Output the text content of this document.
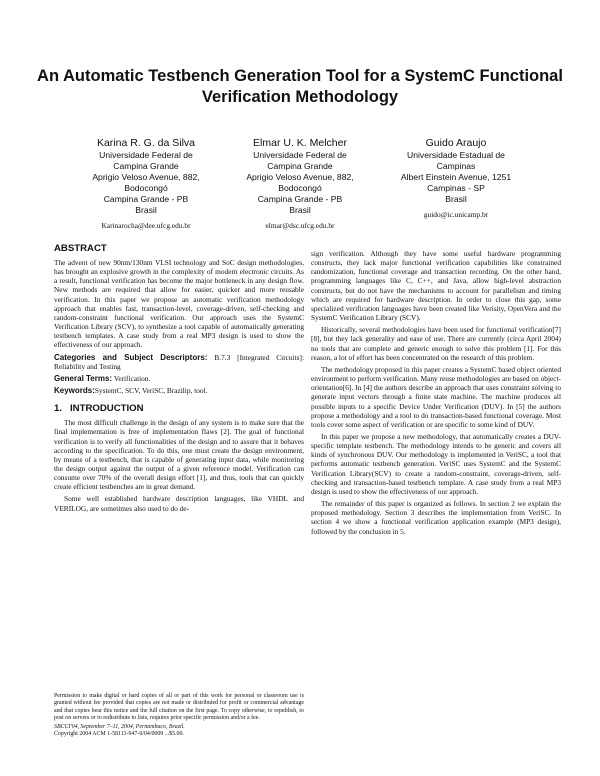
An Automatic Testbench Generation Tool for a SystemC Functional Verification Methodology
Karina R. G. da Silva
Universidade Federal de
Campina Grande
Aprigio Veloso Avenue, 882,
Bodocongó
Campina Grande - PB
Brasil
Karinarocha@dee.ufcg.edu.br
Elmar U. K. Melcher
Universidade Federal de
Campina Grande
Aprigio Veloso Avenue, 882,
Bodocongó
Campina Grande - PB
Brasil
elmar@dsc.ufcg.edu.br
Guido Araujo
Universidade Estadual de
Campinas
Albert Einstein Avenue, 1251
Campinas - SP
Brasil
guido@ic.unicamp.br
ABSTRACT

The advent of new 90nm/130nm VLSI technology and SoC design methodologies, has brought an explosive growth in the complexity of modern electronic circuits. As a result, functional verification has become the major bottleneck in any design flow. New methods are required that allow for easier, quicker and more reusable verification. In this paper we propose an automatic verification methodology approach that enables fast, transaction-level, coverage-driven, self-checking and random-constraint functional verification. Our approach uses the SystemC Verification Library (SCV), to synthesize a tool capable of automatically generating testbench templates. A case study from a real MP3 design is used to show the effectiveness of our approach.

Categories and Subject Descriptors: B.7.3 [Integrated Circuits]: Reliability and Testing

General Terms: Verification.

Keywords:SystemC, SCV, VeriSC, Brazilip, tool.

1.   INTRODUCTION

The most difficult challenge in the design of any system is to make sure that the final implementation is free of implementation flaws [2]. The goal of functional verification is to verify all functionalities of the design and to assure that it behaves according to the specification. To do this, one must create the design environment, by means of a testbench, that is capable of generating input data, while monitoring the design output against the output of a given reference model. Verification can consume over 70% of the overall design effort [1], and thus, tools that can quickly create efficient testbenches are in great demand.

Some well established hardware description languages, like VHDL and VERILOG, are sometimes also used to do de-

sign verification. Although they have some useful hardware programming constructs, they lack major functional verification capabilities like constrained randomization, functional coverage and transaction recording. On the other hand, programming languages like C, C++, and Java, allow high-level abstraction constructs, but do not have the mechanisms to account for parallelism and timing which are required for hardware description. In order to close this gap, some specialized verification languages have been created like Verisity, OpenVera and the SystemC Verification Library (SCV).

Historically, several methodologies have been used for functional verification[7][8], but they lack generality and ease of use. There are currently (circa April 2004) no tools that are complete and generic enough to solve this problem [1]. For this reason, a lot of effort has been concentrated on the research of this problem.

The methodology proposed in this paper creates a SystemC based object oriented environment to perform verification. Many reuse methodologies are based on object-orientation[6]. In [4] the authors describe an approach that uses constraint solving to generate input vectors through a finite state machine. The machine produces all possible inputs to a specific Device Under Verification (DUV). In [5] the authors propose a methodology and a tool to do transaction-based functional coverage. Most tools cover some aspect of verification or are specific to some kind of DUV.

In this paper we propose a new methodology, that automatically creates a DUV-specific template testbench. The methodology intends to be generic and covers all kinds of synchronous DUV. Our methodology is implemented in VeriSC, a tool that performs automatic testbench generation. VeriSC uses SystemC and the SystemC Verification Library(SCV) to create a random-constraint, coverage-driven, self-checking and transaction-based testbench template. A case study from a real MP3 design is used to show the effectiveness of our approach.

The remainder of this paper is organized as follows. In section 2 we explain the proposed methodology. Section 3 describes the implementation from VeriSC. In section 4 we show a functional verification application example (MP3 design), followed by the conclusion in 5.

Permission to make digital or hard copies of all or part of this work for personal or classroom use is granted without fee provided that copies are not made or distributed for profit or commercial advantage and that copies bear this notice and the full citation on the first page. To copy otherwise, to republish, to post on servers or to redistribute to lists, requires prior specific permission and/or a fee.
SBCCI'04, September 7–11, 2004, Pernambuco, Brazil.
Copyright 2004 ACM 1-58113-947-0/04/0009 ...$5.00.
